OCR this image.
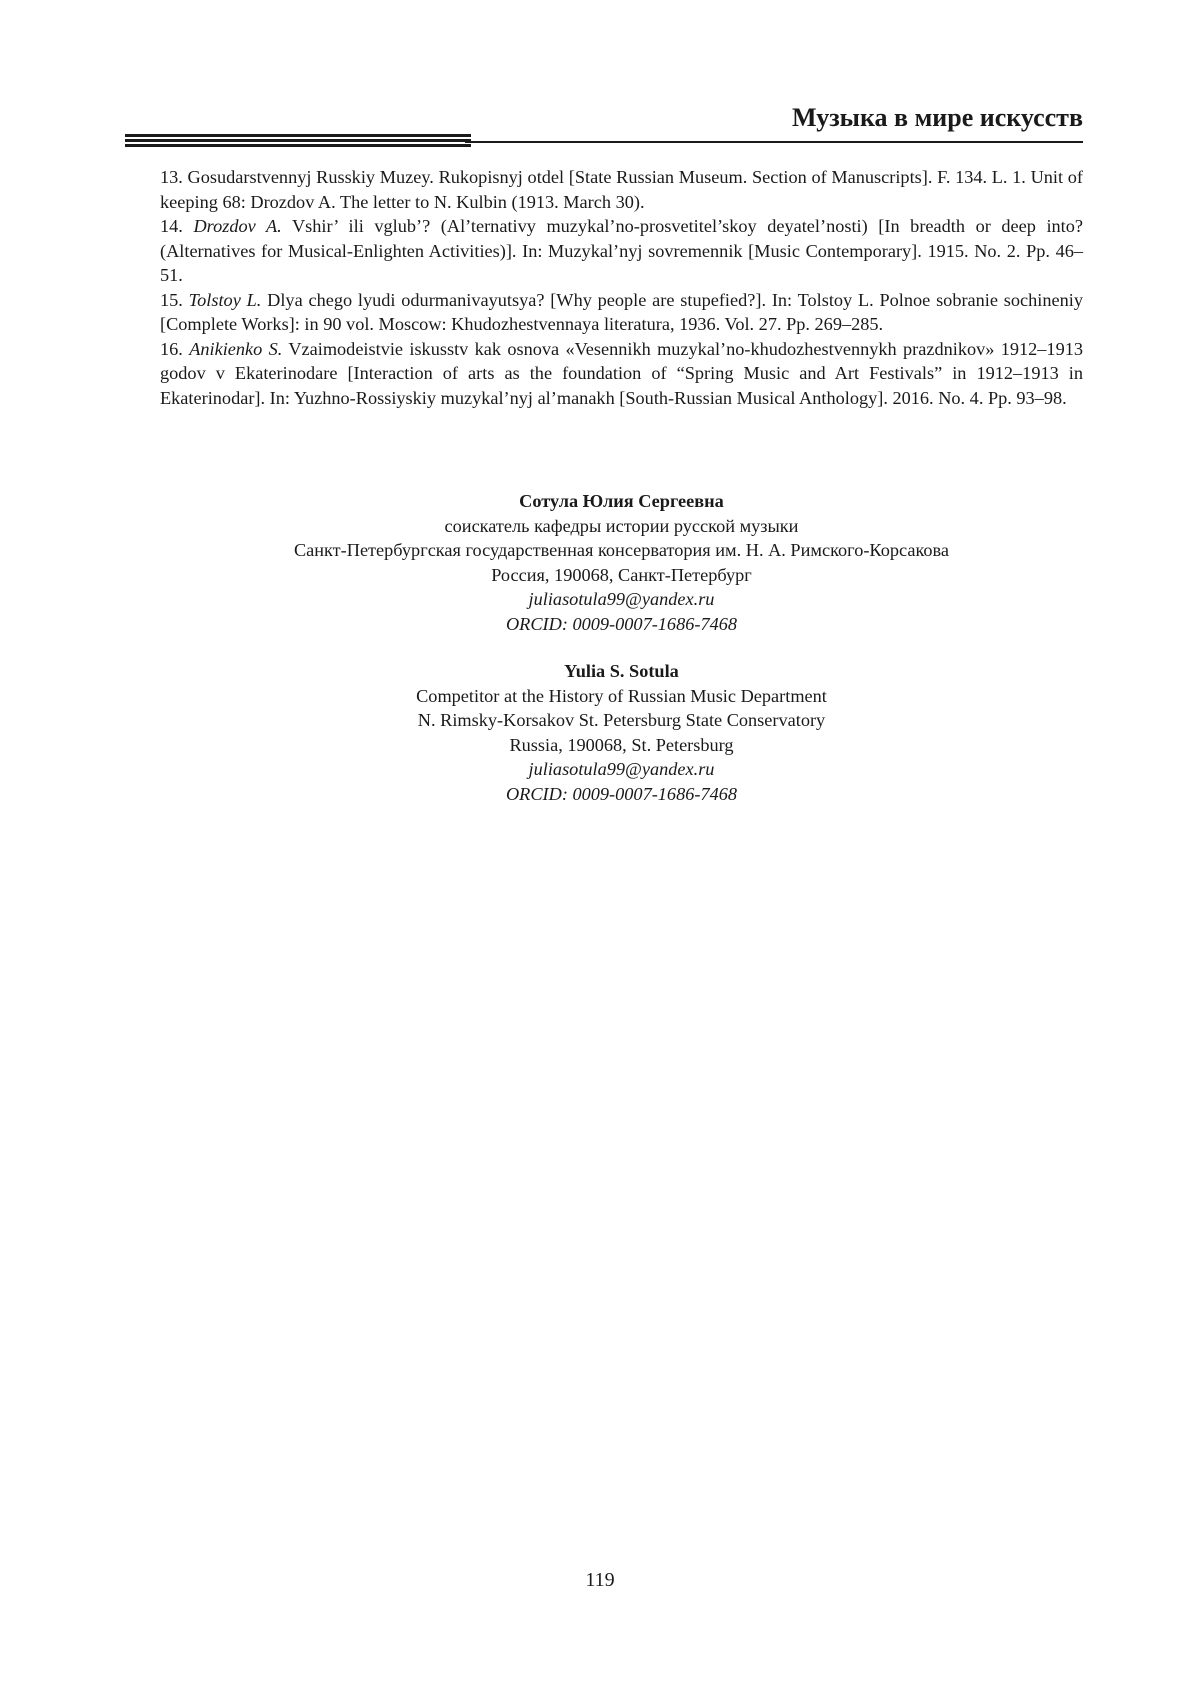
Музыка в мире искусств

13. Gosudarstvennyj Russkiy Muzey. Rukopisnyj otdel [State Russian Museum. Section of Manuscripts]. F. 134. L. 1. Unit of keeping 68: Drozdov A. The letter to N. Kulbin (1913. March 30).

14. Drozdov A. Vshir’ ili vglub’? (Al’ternativy muzykal’no-prosvetitel’skoy deyatel’nosti) [In breadth or deep into? (Alternatives for Musical-Enlighten Activities)]. In: Muzykal’nyj sovremennik [Music Contemporary]. 1915. No. 2. Pp. 46–51.

15. Tolstoy L. Dlya chego lyudi odurmanivayutsya? [Why people are stupefied?]. In: Tolstoy L. Polnoe sobranie sochineniy [Complete Works]: in 90 vol. Moscow: Khudozhestvennaya literatura, 1936. Vol. 27. Pp. 269–285.

16. Anikienko S. Vzaimodeistvie iskusstv kak osnova «Vesennikh muzykal’no-khudozhestvennykh prazdnikov» 1912–1913 godov v Ekaterinodare [Interaction of arts as the foundation of “Spring Music and Art Festivals” in 1912–1913 in Ekaterinodar]. In: Yuzhno-Rossiyskiy muzykal’nyj al’manakh [South-Russian Musical Anthology]. 2016. No. 4. Pp. 93–98.

Сотула Юлия Сергеевна

соискатель кафедры истории русской музыки

Санкт-Петербургская государственная консерватория им. Н. А. Римского-Корсакова

Россия, 190068, Санкт-Петербург

juliasotula99@yandex.ru

ORCID: 0009-0007-1686-7468

Yulia S. Sotula

Competitor at the History of Russian Music Department

N. Rimsky-Korsakov St. Petersburg State Conservatory

Russia, 190068, St. Petersburg

juliasotula99@yandex.ru

ORCID: 0009-0007-1686-7468

119
